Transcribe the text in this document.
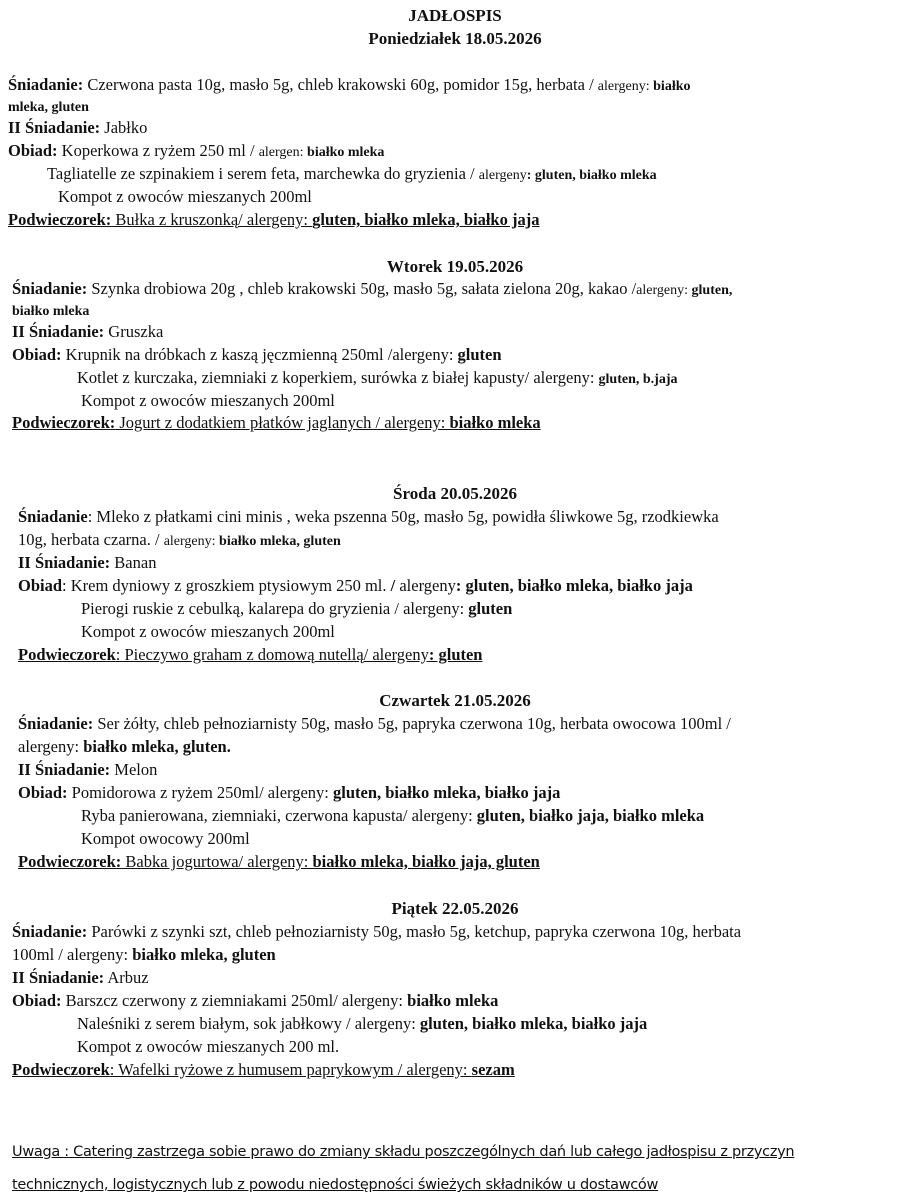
JADŁOSPIS
Poniedziałek 18.05.2026
Śniadanie: Czerwona pasta 10g, masło 5g, chleb krakowski 60g, pomidor 15g, herbata / alergeny: białko
mleka, gluten
II Śniadanie: Jabłko
Obiad: Koperkowa z ryżem 250 ml / alergen: białko mleka
Tagliatelle ze szpinakiem i serem feta, marchewka do gryzienia / alergeny: gluten, białko mleka
Kompot z owoców mieszanych 200ml
Podwieczorek: Bułka z kruszonką/ alergeny: gluten, białko mleka, białko jaja
Wtorek 19.05.2026
Śniadanie: Szynka drobiowa 20g , chleb krakowski 50g, masło 5g, sałata zielona 20g, kakao /alergeny: gluten,
białko mleka
II Śniadanie: Gruszka
Obiad: Krupnik na dróbkach z kaszą jęczmienną 250ml /alergeny: gluten
Kotlet z kurczaka, ziemniaki z koperkiem, surówka z białej kapusty/ alergeny: gluten, b.jaja
Kompot z owoców mieszanych 200ml
Podwieczorek: Jogurt z dodatkiem płatków jaglanych / alergeny: białko mleka
Środa 20.05.2026
Śniadanie: Mleko z płatkami cini minis , weka pszenna 50g, masło 5g, powidła śliwkowe 5g, rzodkiewka
10g, herbata czarna. / alergeny: białko mleka, gluten
II Śniadanie: Banan
Obiad: Krem dyniowy z groszkiem ptysiowym 250 ml. / alergeny: gluten, białko mleka, białko jaja
Pierogi ruskie z cebulką, kalarepa do gryzienia / alergeny: gluten
Kompot z owoców mieszanych 200ml
Podwieczorek: Pieczywo graham z domową nutellą/ alergeny: gluten
Czwartek 21.05.2026
Śniadanie: Ser żółty, chleb pełnoziarnisty 50g, masło 5g, papryka czerwona 10g, herbata owocowa 100ml /
alergeny: białko mleka, gluten.
II Śniadanie: Melon
Obiad: Pomidorowa z ryżem 250ml/ alergeny: gluten, białko mleka, białko jaja
Ryba panierowana, ziemniaki, czerwona kapusta/ alergeny: gluten, białko jaja, białko mleka
Kompot owocowy 200ml
Podwieczorek: Babka jogurtowa/ alergeny: białko mleka, białko jaja, gluten
Piątek 22.05.2026
Śniadanie: Parówki z szynki szt, chleb pełnoziarnisty 50g, masło 5g, ketchup, papryka czerwona 10g, herbata
100ml / alergeny: białko mleka, gluten
II Śniadanie: Arbuz
Obiad: Barszcz czerwony z ziemniakami 250ml/ alergeny: białko mleka
Naleśniki z serem białym, sok jabłkowy / alergeny: gluten, białko mleka, białko jaja
Kompot z owoców mieszanych 200 ml.
Podwieczorek: Wafelki ryżowe z humusem paprykowym / alergeny: sezam
Uwaga : Catering zastrzega sobie prawo do zmiany składu poszczególnych dań lub całego jadłospisu z przyczyn
technicznych, logistycznych lub z powodu niedostępności świeżych składników u dostawców
